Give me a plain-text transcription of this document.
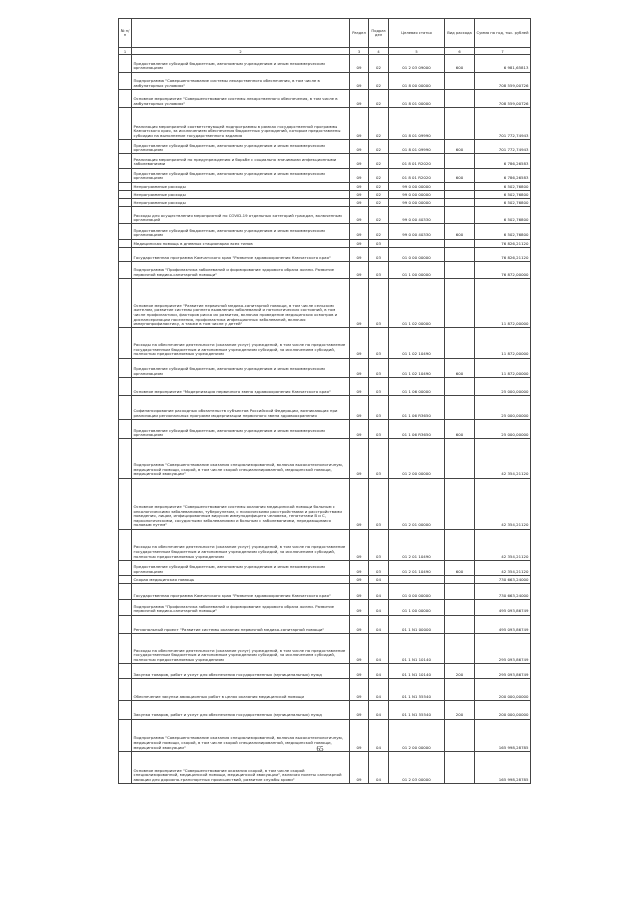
№ п/п		Раздел	Подраздел	Целевая статья	Вид расхода	Сумма на год, тыс. рублей
1	2	3	4	5	6	7
	Предоставление субсидий бюджетным, автономным учреждениям и иным некоммерческим организациям	09	02	01 2 03 09000	600	6 981,65813
	Подпрограмма "Совершенствование системы лекарственного обеспечения, в том числе в амбулаторных условиях"	09	02	01 8 00 00000		708 559,00726
	Основное мероприятие "Совершенствование системы лекарственного обеспечения, в том числе в амбулаторных условиях"	09	02	01 8 01 00000		708 559,00726
	Реализация мероприятий соответствующей подпрограммы в рамках государственной программы Камчатского края, за исключением обеспечения бюджетных учреждений, которым предоставлены субсидии на выполнение государственного задания	09	02	01 8 01 09990		701 772,74943
	Предоставление субсидий бюджетным, автономным учреждениям и иным некоммерческим организациям	09	02	01 8 01 09990	600	701 772,74943
	Реализация мероприятий по предупреждению и борьбе с социально значимыми инфекционными заболеваниями	09	02	01 8 01 R2020		6 786,26583
	Предоставление субсидий бюджетным, автономным учреждениям и иным некоммерческим организациям	09	02	01 8 01 R2020	600	6 786,26583
	Непрограммные расходы	09	02	99 0 00 00000		6 502,76800
	Непрограммные расходы	09	02	99 0 00 00000		6 502,76800
	Непрограммные расходы	09	02	99 0 00 00000		6 502,76800
	Расходы для осуществления мероприятий по COVID-19 отдельных категорий граждан, включенным организаций	09	02	99 0 00 40330		6 502,76800
	Предоставление субсидий бюджетным, автономным учреждениям и иным некоммерческим организациям	09	02	99 0 00 40330	600	6 502,76800
	Медицинская помощь в дневных стационарах всех типов	09	03			76 826,21120
	Государственная программа Камчатского края "Развитие здравоохранения Камчатского края"	09	03	01 0 00 00000		76 826,21120
	Подпрограмма "Профилактика заболеваний и формирование здорового образа жизни. Развитие первичной медико-санитарной помощи"	09	03	01 1 00 00000		76 872,00000
	Основное мероприятие "Развитие первичной медико-санитарной помощи, в том числе сельским жителям, развитие системы раннего выявления заболеваний и патологических состояний, в том числе профилактики, факторов риска их развития, включая проведение медицинских осмотров и диспансеризации населения, профилактика инфекционных заболеваний, включая иммунопрофилактику, а также в том числе у детей"	09	03	01 1 02 00000		11 872,00000
	Расходы на обеспечение деятельности (оказание услуг) учреждений, в том числе на предоставление государственным бюджетным и автономным учреждениям субсидий, за исключением субсидий, полностью предоставляемых учреждениям	09	03	01 1 02 10490		11 872,00000
	Предоставление субсидий бюджетным, автономным учреждениям и иным некоммерческим организациям	09	03	01 1 02 10490	600	11 872,00000
	Основное мероприятие "Модернизация первичного звена здравоохранения Камчатского края"	09	03	01 1 06 00000		25 000,00000
	Софинансирование расходных обязательств субъектов Российской Федерации, возникающих при реализации региональных программ модернизации первичного звена здравоохранения	09	03	01 1 06 R3650		25 000,00000
	Предоставление субсидий бюджетным, автономным учреждениям и иным некоммерческим организациям	09	03	01 1 06 R3650	600	25 000,00000
	Подпрограмма "Совершенствование оказания специализированной, включая высокотехнологичную, медицинской помощи, скорой, в том числе скорой специализированной, медицинской помощи, медицинской эвакуации"	09	03	01 2 00 00000		42 354,21120
	Основное мероприятие "Совершенствование системы оказания медицинской помощи больным с онкологическими заболеваниями, туберкулезом, с психическими расстройствами и расстройствами поведения, лицам, инфицированным вирусом иммунодефицита человека, гепатитами B и C, наркологическими, сосудистыми заболеваниями и больным с заболеваниями, передающимися половым путем"	09	03	01 2 01 00000		42 354,21120
	Расходы на обеспечение деятельности (оказание услуг) учреждений, в том числе на предоставление государственным бюджетным и автономным учреждениям субсидий, за исключением субсидий, полностью предоставляемых учреждениям	09	03	01 2 01 10490		42 354,21120
	Предоставление субсидий бюджетным, автономным учреждениям и иным некоммерческим организациям	09	03	01 2 01 10490	600	42 354,21120
	Скорая медицинская помощь	09	04			730 663,24000
	Государственная программа Камчатского края "Развитие здравоохранения Камчатского края"	09	04	01 0 00 00000		730 663,24000
	Подпрограмма "Профилактика заболеваний и формирование здорового образа жизни. Развитие первичной медико-санитарной помощи"	09	04	01 1 00 00000		495 093,86749
	Региональный проект "Развитие системы оказания первичной медико-санитарной помощи"	09	04	01 1 N1 00000		495 093,86749
	Расходы на обеспечение деятельности (оказание услуг) учреждений, в том числе на предоставление государственным бюджетным и автономным учреждениям субсидий, за исключением субсидий, полностью предоставляемых учреждениям	09	04	01 1 N1 10140		295 093,86749
	Закупка товаров, работ и услуг для обеспечения государственных (муниципальных) нужд	09	04	01 1 N1 10140	200	295 093,86749
	Обеспечение закупки авиационных работ в целях оказания медицинской помощи	09	04	01 1 N1 55540		200 000,00000
	Закупка товаров, работ и услуг для обеспечения государственных (муниципальных) нужд	09	04	01 1 N1 55540	200	200 000,00000
	Подпрограмма "Совершенствование оказания специализированной, включая высокотехнологичную, медицинской помощи, скорой, в том числе скорой специализированной, медицинской помощи, медицинской эвакуации"	09	04	01 2 00 00000		165 998,28785
	Основное мероприятие "Совершенствование оказания скорой, в том числе скорой специализированной, медицинской помощи, медицинской эвакуации", включая полеты санитарной авиации для дорожно-транспортных происшествий, развитие службы крови"	09	04	01 2 03 00000		165 998,28785
65
